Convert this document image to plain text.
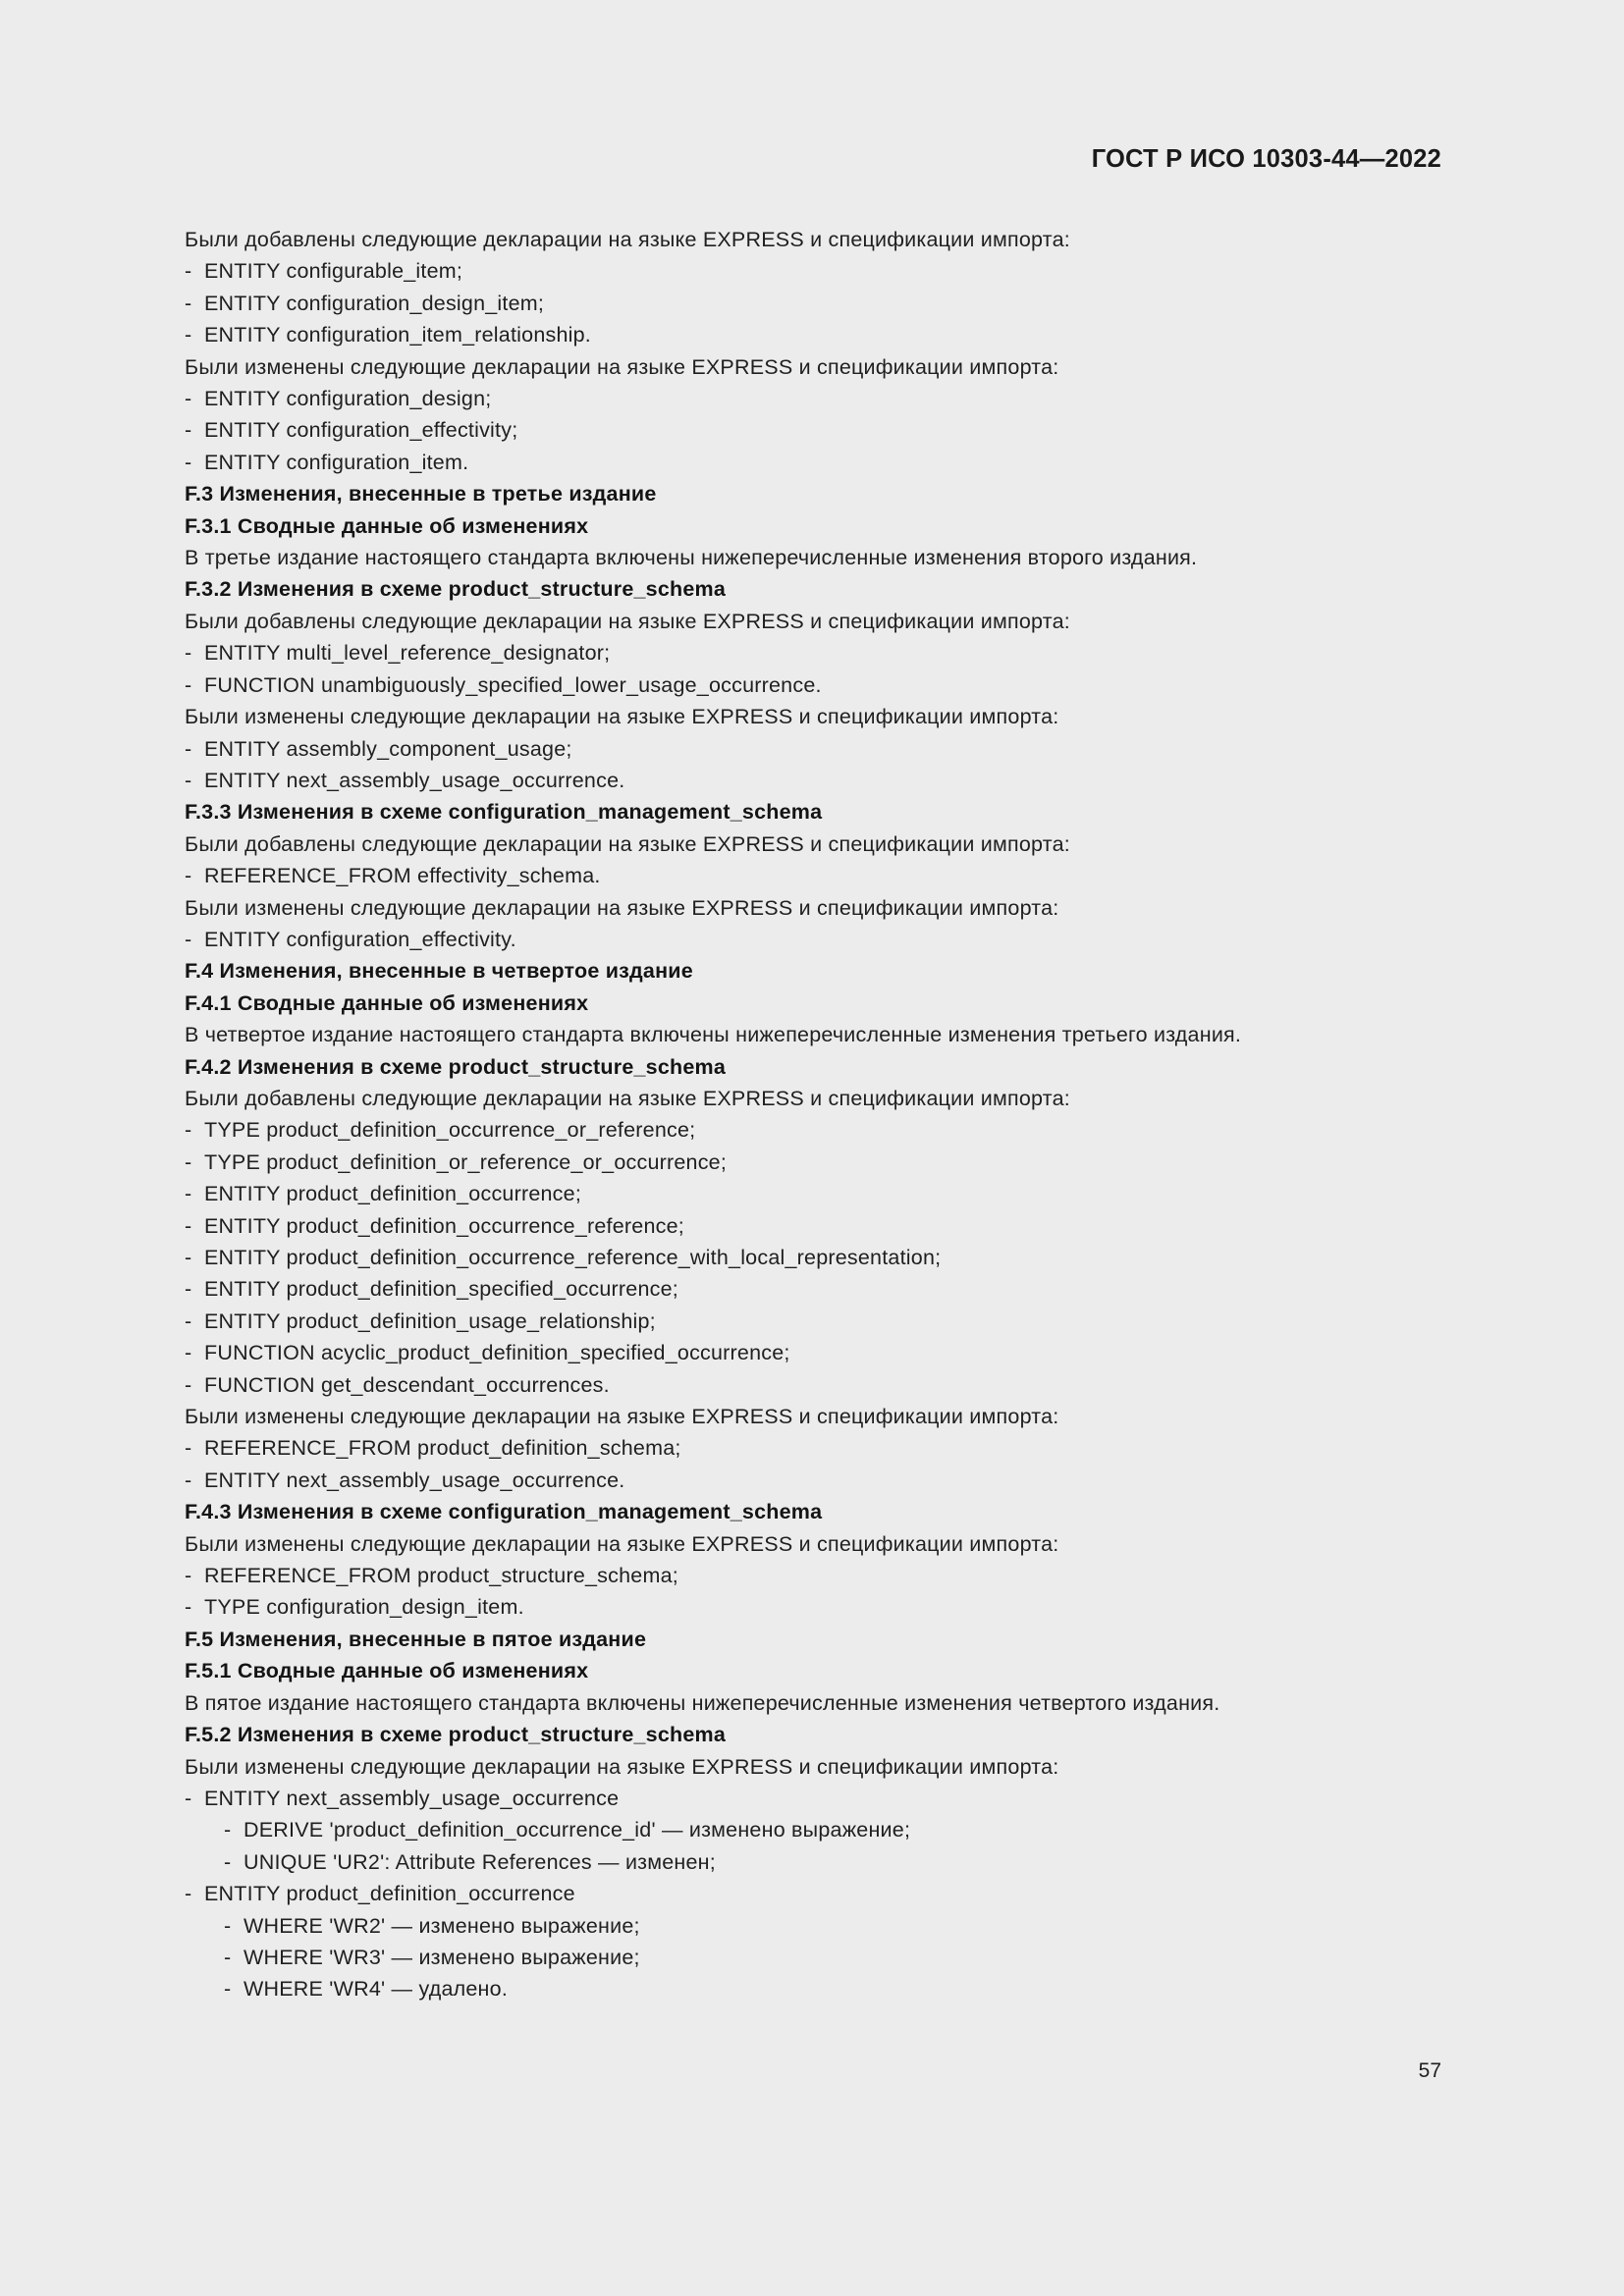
ГОСТ Р ИСО 10303-44—2022
Были добавлены следующие декларации на языке EXPRESS и спецификации импорта:
- ENTITY configurable_item;
- ENTITY configuration_design_item;
- ENTITY configuration_item_relationship.
Были изменены следующие декларации на языке EXPRESS и спецификации импорта:
- ENTITY configuration_design;
- ENTITY configuration_effectivity;
- ENTITY configuration_item.
F.3 Изменения, внесенные в третье издание
F.3.1 Сводные данные об изменениях
В третье издание настоящего стандарта включены нижеперечисленные изменения второго издания.
F.3.2 Изменения в схеме product_structure_schema
Были добавлены следующие декларации на языке EXPRESS и спецификации импорта:
- ENTITY multi_level_reference_designator;
- FUNCTION unambiguously_specified_lower_usage_occurrence.
Были изменены следующие декларации на языке EXPRESS и спецификации импорта:
- ENTITY assembly_component_usage;
- ENTITY next_assembly_usage_occurrence.
F.3.3 Изменения в схеме configuration_management_schema
Были добавлены следующие декларации на языке EXPRESS и спецификации импорта:
- REFERENCE_FROM effectivity_schema.
Были изменены следующие декларации на языке EXPRESS и спецификации импорта:
- ENTITY configuration_effectivity.
F.4 Изменения, внесенные в четвертое издание
F.4.1 Сводные данные об изменениях
В четвертое издание настоящего стандарта включены нижеперечисленные изменения третьего издания.
F.4.2 Изменения в схеме product_structure_schema
Были добавлены следующие декларации на языке EXPRESS и спецификации импорта:
- TYPE product_definition_occurrence_or_reference;
- TYPE product_definition_or_reference_or_occurrence;
- ENTITY product_definition_occurrence;
- ENTITY product_definition_occurrence_reference;
- ENTITY product_definition_occurrence_reference_with_local_representation;
- ENTITY product_definition_specified_occurrence;
- ENTITY product_definition_usage_relationship;
- FUNCTION acyclic_product_definition_specified_occurrence;
- FUNCTION get_descendant_occurrences.
Были изменены следующие декларации на языке EXPRESS и спецификации импорта:
- REFERENCE_FROM product_definition_schema;
- ENTITY next_assembly_usage_occurrence.
F.4.3 Изменения в схеме configuration_management_schema
Были изменены следующие декларации на языке EXPRESS и спецификации импорта:
- REFERENCE_FROM product_structure_schema;
- TYPE configuration_design_item.
F.5 Изменения, внесенные в пятое издание
F.5.1 Сводные данные об изменениях
В пятое издание настоящего стандарта включены нижеперечисленные изменения четвертого издания.
F.5.2 Изменения в схеме product_structure_schema
Были изменены следующие декларации на языке EXPRESS и спецификации импорта:
- ENTITY next_assembly_usage_occurrence
- DERIVE 'product_definition_occurrence_id' — изменено выражение;
- UNIQUE 'UR2': Attribute References — изменен;
- ENTITY product_definition_occurrence
- WHERE 'WR2' — изменено выражение;
- WHERE 'WR3' — изменено выражение;
- WHERE 'WR4' — удалено.
57
